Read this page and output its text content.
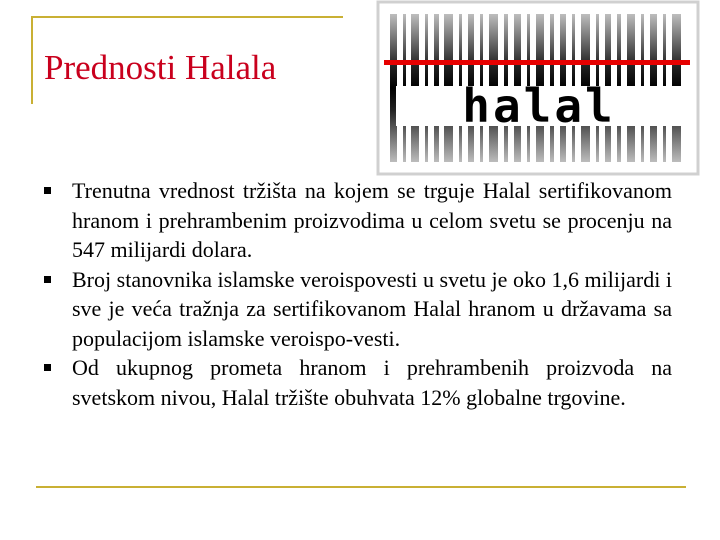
Prednosti Halala
halal
Trenutna vrednost tržišta na kojem se trguje Halal sertifikovanom hranom i prehrambenim proizvodima u celom svetu se procenju na 547 milijardi dolara.
Broj stanovnika islamske veroispovesti u svetu je oko 1,6 milijardi i sve je veća tražnja za sertifikovanom Halal hranom u državama sa populacijom islamske veroispo-vesti.
Od ukupnog prometa hranom i prehrambenih proizvoda na svetskom nivou, Halal tržište obuhvata 12% globalne trgovine.
